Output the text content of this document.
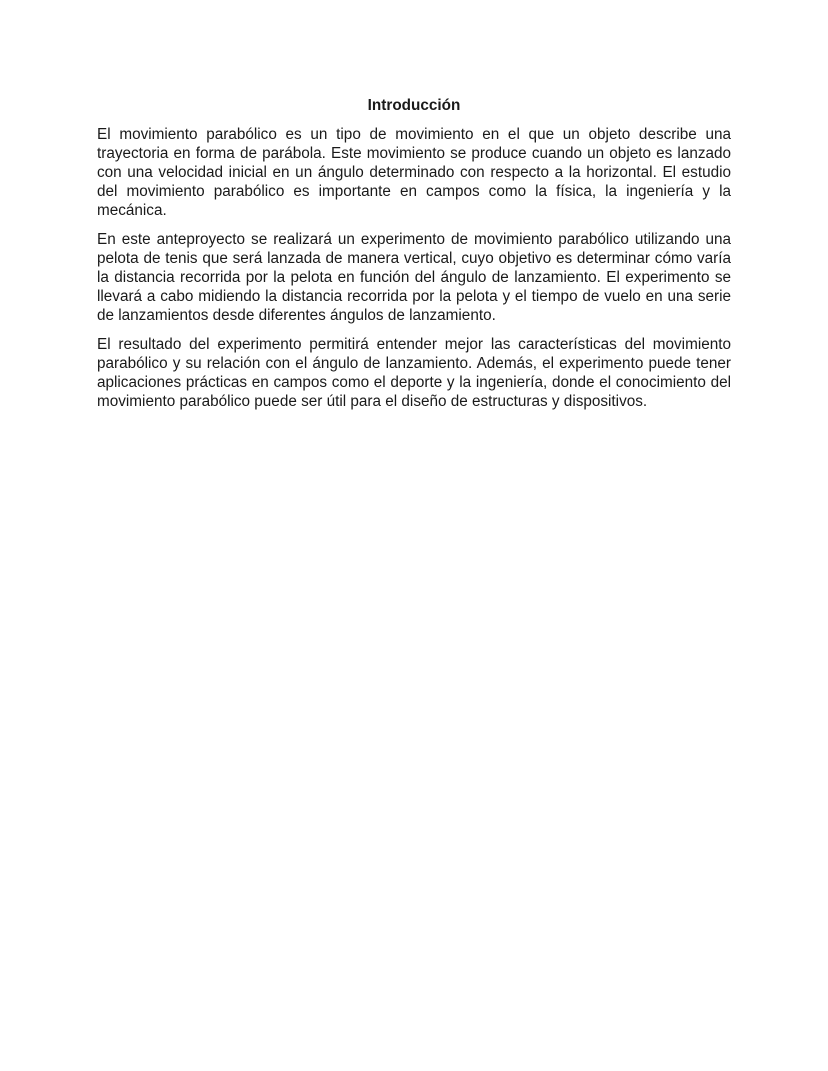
Introducción

El movimiento parabólico es un tipo de movimiento en el que un objeto describe una trayectoria en forma de parábola. Este movimiento se produce cuando un objeto es lanzado con una velocidad inicial en un ángulo determinado con respecto a la horizontal. El estudio del movimiento parabólico es importante en campos como la física, la ingeniería y la mecánica.

En este anteproyecto se realizará un experimento de movimiento parabólico utilizando una pelota de tenis que será lanzada de manera vertical, cuyo objetivo es determinar cómo varía la distancia recorrida por la pelota en función del ángulo de lanzamiento. El experimento se llevará a cabo midiendo la distancia recorrida por la pelota y el tiempo de vuelo en una serie de lanzamientos desde diferentes ángulos de lanzamiento.

El resultado del experimento permitirá entender mejor las características del movimiento parabólico y su relación con el ángulo de lanzamiento. Además, el experimento puede tener aplicaciones prácticas en campos como el deporte y la ingeniería, donde el conocimiento del movimiento parabólico puede ser útil para el diseño de estructuras y dispositivos.
